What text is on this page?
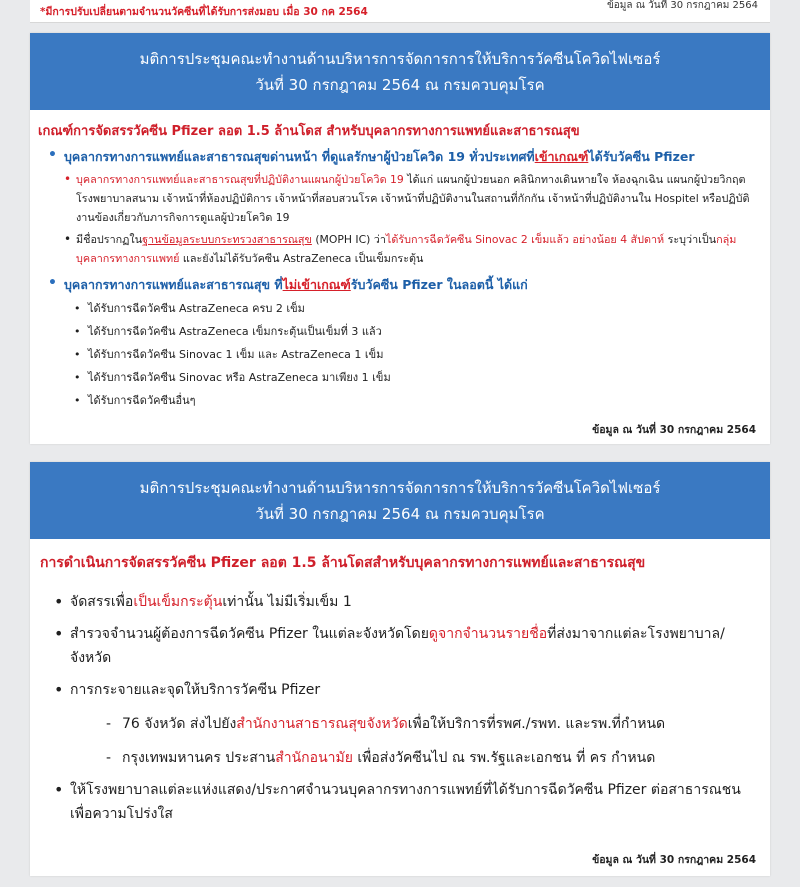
*มีการปรับเปลี่ยนตามจำนวนวัคซีนที่ได้รับการส่งมอบ เมื่อ 30 กค 2564
ข้อมูล ณ วันที่ 30 กรกฎาคม 2564
มติการประชุมคณะทำงานด้านบริหารการจัดการการให้บริการวัคซีนโควิดไฟเซอร์
วันที่ 30 กรกฎาคม 2564 ณ กรมควบคุมโรค
เกณฑ์การจัดสรรวัคซีน Pfizer ลอต 1.5 ล้านโดส สำหรับบุคลากรทางการแพทย์และสาธารณสุข
• บุคลากรทางการแพทย์และสาธารณสุขด่านหน้า ที่ดูแลรักษาผู้ป่วยโควิด 19 ทั่วประเทศที่เข้าเกณฑ์ได้รับวัคซีน Pfizer
• บุคลากรทางการแพทย์และสาธารณสุขที่ปฏิบัติงานแผนกผู้ป่วยโควิด 19 ได้แก่ แผนกผู้ป่วยนอก คลินิกทางเดินหายใจ ห้องฉุกเฉิน แผนกผู้ป่วยวิกฤต โรงพยาบาลสนาม เจ้าหน้าที่ห้องปฏิบัติการ เจ้าหน้าที่สอบสวนโรค เจ้าหน้าที่ปฏิบัติงานในสถานที่กักกัน เจ้าหน้าที่ปฏิบัติงานใน Hospitel หรือปฏิบัติงานข้องเกี่ยวกับภารกิจการดูแลผู้ป่วยโควิด 19
• มีชื่อปรากฏในฐานข้อมูลระบบกระทรวงสาธารณสุข (MOPH IC) ว่าได้รับการฉีดวัคซีน Sinovac 2 เข็มแล้ว อย่างน้อย 4 สัปดาห์ ระบุว่าเป็นกลุ่มบุคลากรทางการแพทย์ และยังไม่ได้รับวัคซีน AstraZeneca เป็นเข็มกระตุ้น
• บุคลากรทางการแพทย์และสาธารณสุข ที่ไม่เข้าเกณฑ์รับวัคซีน Pfizer ในลอตนี้ ได้แก่
• ได้รับการฉีดวัคซีน AstraZeneca ครบ 2 เข็ม
• ได้รับการฉีดวัคซีน AstraZeneca เข็มกระตุ้นเป็นเข็มที่ 3 แล้ว
• ได้รับการฉีดวัคซีน Sinovac 1 เข็ม และ AstraZeneca 1 เข็ม
• ได้รับการฉีดวัคซีน Sinovac หรือ AstraZeneca มาเพียง 1 เข็ม
• ได้รับการฉีดวัคซีนอื่นๆ
ข้อมูล ณ วันที่ 30 กรกฎาคม 2564
มติการประชุมคณะทำงานด้านบริหารการจัดการการให้บริการวัคซีนโควิดไฟเซอร์
วันที่ 30 กรกฎาคม 2564 ณ กรมควบคุมโรค
การดำเนินการจัดสรรวัคซีน Pfizer ลอต 1.5 ล้านโดสสำหรับบุคลากรทางการแพทย์และสาธารณสุข
• จัดสรรเพื่อเป็นเข็มกระตุ้นเท่านั้น ไม่มีเริ่มเข็ม 1
• สำรวจจำนวนผู้ต้องการฉีดวัคซีน Pfizer ในแต่ละจังหวัดโดยดูจากจำนวนรายชื่อที่ส่งมาจากแต่ละโรงพยาบาล/จังหวัด
• การกระจายและจุดให้บริการวัคซีน Pfizer
- 76 จังหวัด ส่งไปยังสำนักงานสาธารณสุขจังหวัดเพื่อให้บริการที่รพศ./รพท. และรพ.ที่กำหนด
- กรุงเทพมหานคร ประสานสำนักอนามัย เพื่อส่งวัคซีนไป ณ รพ.รัฐและเอกชน ที่ คร กำหนด
• ให้โรงพยาบาลแต่ละแห่งแสดง/ประกาศจำนวนบุคลากรทางการแพทย์ที่ได้รับการฉีดวัคซีน Pfizer ต่อสาธารณชนเพื่อความโปร่งใส
ข้อมูล ณ วันที่ 30 กรกฎาคม 2564
